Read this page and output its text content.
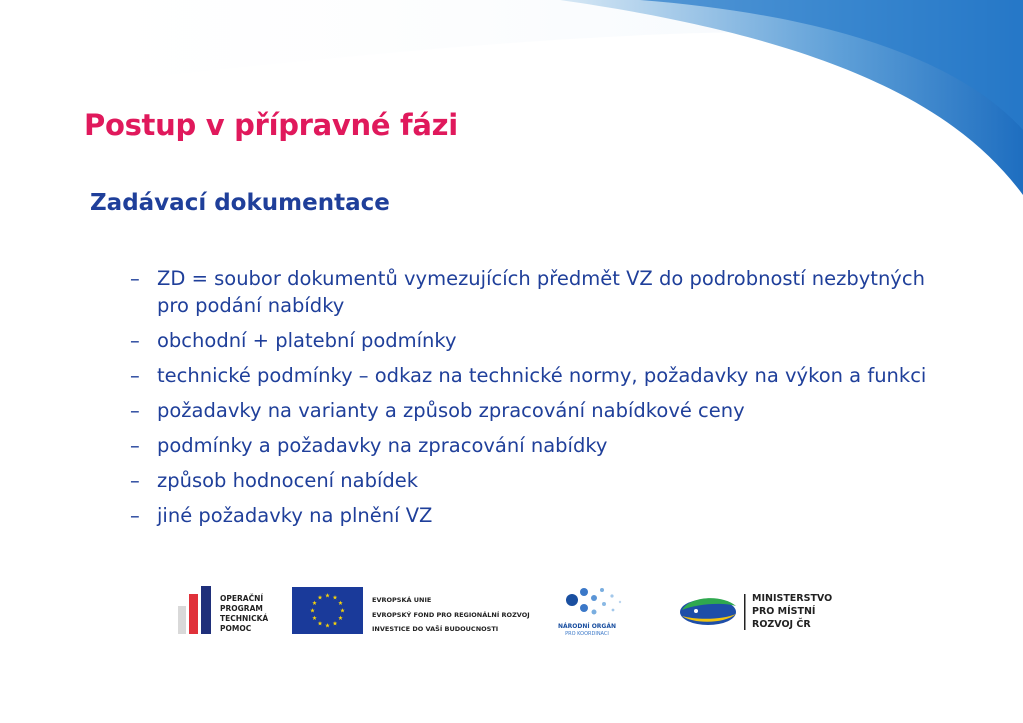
Postup v přípravné fázi
Zadávací dokumentace
– ZD = soubor dokumentů vymezujících předmět VZ do podrobností nezbytných pro podání nabídky
– obchodní + platební podmínky
– technické podmínky – odkaz na technické normy, požadavky na výkon a funkci
– požadavky na varianty a způsob zpracování nabídkové ceny
– podmínky a požadavky na zpracování nabídky
– způsob hodnocení nabídek
– jiné požadavky na plnění VZ
OPERAČNÍ
PROGRAM
TECHNICKÁ
POMOC
EVROPSKÁ UNIE
EVROPSKÝ FOND PRO REGIONÁLNÍ ROZVOJ
INVESTICE DO VAŠÍ BUDOUCNOSTI	NÁRODNÍ ORGÁN
PRO KOORDINACI
MINISTERSTVO
PRO MÍSTNÍ
ROZVOJ ČR
